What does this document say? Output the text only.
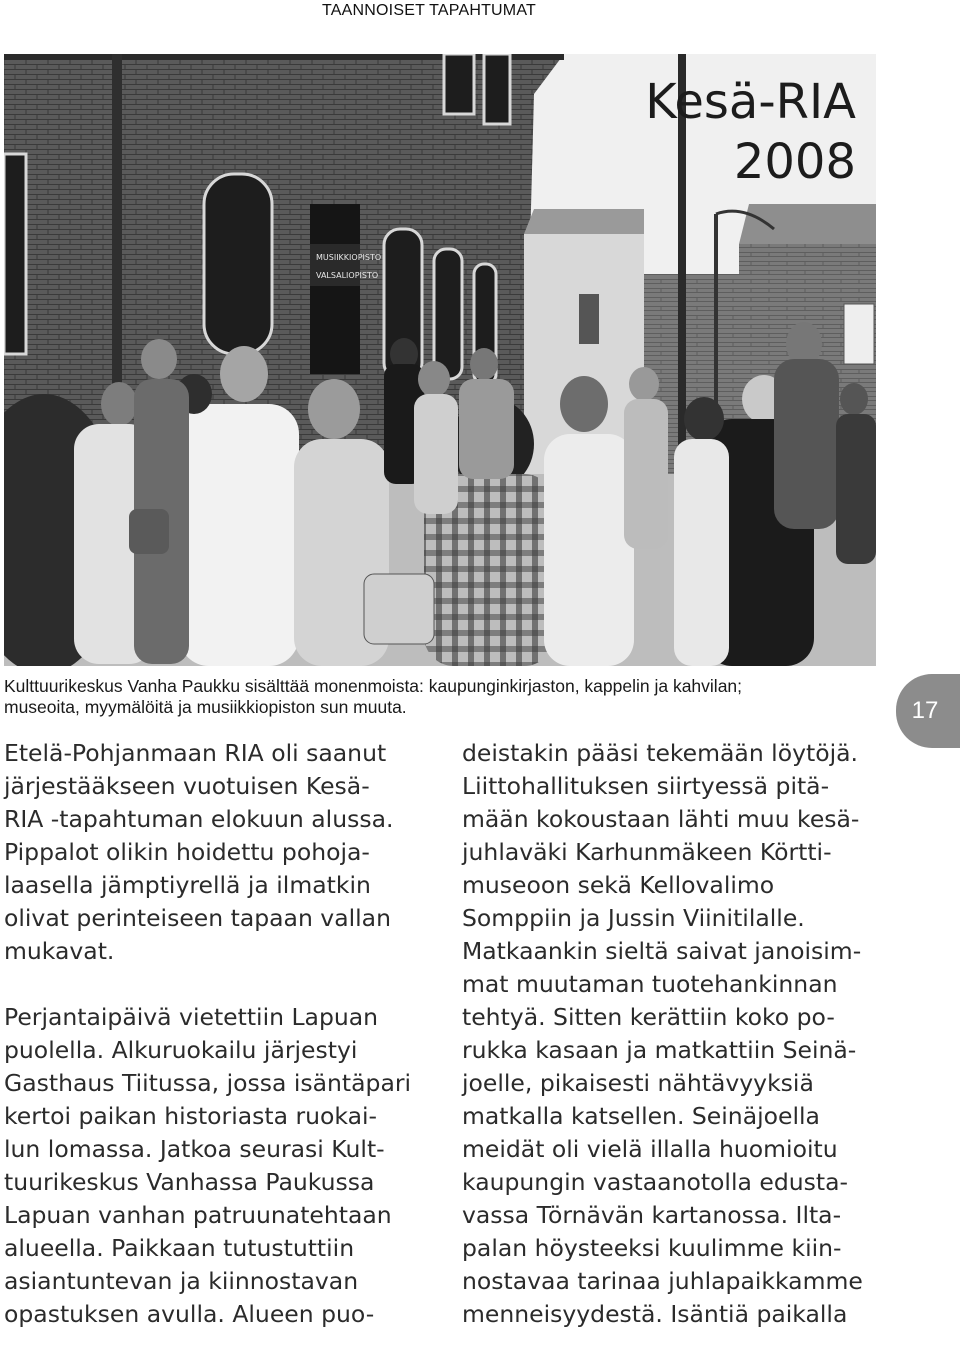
TAANNOISET TAPAHTUMAT
MUSIIKKIOPISTO
VALSALIOPISTO
Kesä-RIA
2008
Kulttuurikeskus Vanha Paukku sisälttää monenmoista: kaupunginkirjaston, kappelin ja kahvilan;
museoita, myymälöitä ja musiikkiopiston sun muuta.	17

Etelä-Pohjanmaan RIA oli saanut
järjestääkseen vuotuisen Kesä-
RIA -tapahtuman elokuun alussa.
Pippalot olikin hoidettu pohoja-
laasella jämptiyrellä ja ilmatkin
olivat perinteiseen tapaan vallan
mukavat.

Perjantaipäivä vietettiin Lapuan
puolella. Alkuruokailu järjestyi
Gasthaus Tiitussa, jossa isäntäpari
kertoi paikan historiasta ruokai-
lun lomassa. Jatkoa seurasi Kult-
tuurikeskus Vanhassa Paukussa
Lapuan vanhan patruunatehtaan
alueella. Paikkaan tutustuttiin
asiantuntevan ja kiinnostavan
opastuksen avulla. Alueen puo-

deistakin pääsi tekemään löytöjä.
Liittohallituksen siirtyessä pitä-
mään kokoustaan lähti muu kesä-
juhlaväki Karhunmäkeen Körtti-
museoon sekä Kellovalimo
Somppiin ja Jussin Viinitilalle.
Matkaankin sieltä saivat janoisim-
mat muutaman tuotehankinnan
tehtyä. Sitten kerättiin koko po-
rukka kasaan ja matkattiin Seinä-
joelle, pikaisesti nähtävyyksiä
matkalla katsellen. Seinäjoella
meidät oli vielä illalla huomioitu
kaupungin vastaanotolla edusta-
vassa Törnävän kartanossa. Ilta-
palan höysteeksi kuulimme kiin-
nostavaa tarinaa juhlapaikkamme
menneisyydestä. Isäntiä paikalla
